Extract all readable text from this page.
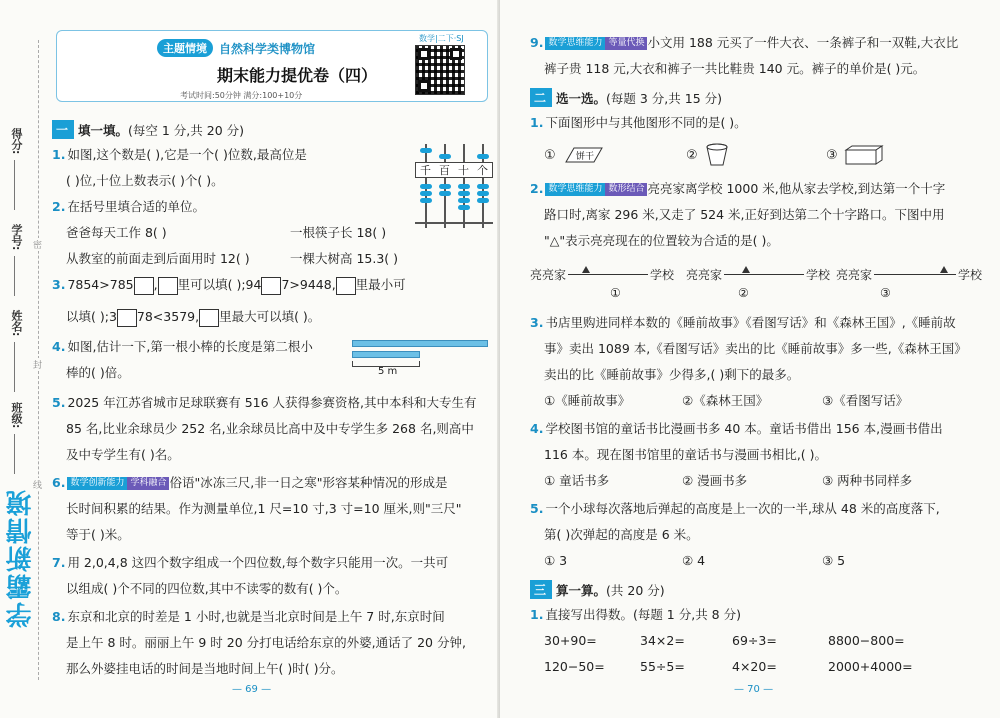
得分:
学号:
姓名:
班级:
密
封
线
学霸新情境
主题情境	自然科学类博物馆
期末能力提优卷（四）
数学|二下·SJ
考试时间:50分钟 满分:100+10分
一 填一填。 (每空 1 分,共 20 分)
1. 如图,这个数是( ),它是一个( )位数,最高位是
( )位,十位上数表示( )个( )。
千 百 十 个
2. 在括号里填合适的单位。
爸爸每天工作 8( )	一根筷子长 18( )
从教室的前面走到后面用时 12( )	一棵大树高 15.3( )
3. 7854>785 , 里可以填( );94 7>9448, 里最小可
以填( );3 78<3579, 里最大可以填( )。
4. 如图,估计一下,第一根小棒的长度是第二根小
棒的( )倍。	5 m
5. 2025 年江苏省城市足球联赛有 516 人获得参赛资格,其中本科和大专生有
85 名,比业余球员少 252 名,业余球员比高中及中专学生多 268 名,则高中
及中专学生有( )名。
6. 数学创新能力 学科融合 俗语"冰冻三尺,非一日之寒"形容某种情况的形成是
长时间积累的结果。作为测量单位,1 尺=10 寸,3 寸=10 厘米,则"三尺"
等于( )米。
7. 用 2,0,4,8 这四个数字组成一个四位数,每个数字只能用一次。一共可
以组成( )个不同的四位数,其中不读零的数有( )个。
8. 东京和北京的时差是 1 小时,也就是当北京时间是上午 7 时,东京时间
是上午 8 时。丽丽上午 9 时 20 分打电话给东京的外婆,通话了 20 分钟,
那么外婆挂电话的时间是当地时间上午( )时( )分。
— 69 —
9. 数学思维能力 等量代换 小文用 188 元买了一件大衣、一条裤子和一双鞋,大衣比
裤子贵 118 元,大衣和裤子一共比鞋贵 140 元。裤子的单价是( )元。
二 选一选。 (每题 3 分,共 15 分)
1. 下面图形中与其他图形不同的是( )。
① 饼干	②	③
2. 数学思维能力 数形结合 亮亮家离学校 1000 米,他从家去学校,到达第一个十字
路口时,离家 296 米,又走了 524 米,正好到达第二个十字路口。下图中用
"△"表示亮亮现在的位置较为合适的是( )。
亮亮家	学校
①
亮亮家	学校
②
亮亮家	学校
③
3. 书店里购进同样本数的《睡前故事》《看图写话》和《森林王国》,《睡前故
事》卖出 1089 本,《看图写话》卖出的比《睡前故事》多一些,《森林王国》
卖出的比《睡前故事》少得多,( )剩下的最多。
①《睡前故事》	②《森林王国》	③《看图写话》
4. 学校图书馆的童话书比漫画书多 40 本。童话书借出 156 本,漫画书借出
116 本。现在图书馆里的童话书与漫画书相比,( )。
① 童话书多	② 漫画书多	③ 两种书同样多
5. 一个小球每次落地后弹起的高度是上一次的一半,球从 48 米的高度落下,
第( )次弹起的高度是 6 米。
① 3	② 4	③ 5
三 算一算。 (共 20 分)
1. 直接写出得数。(每题 1 分,共 8 分)
30+90=	34×2=	69÷3=	8800−800=
120−50=	55÷5=	4×20=	2000+4000=
— 70 —
